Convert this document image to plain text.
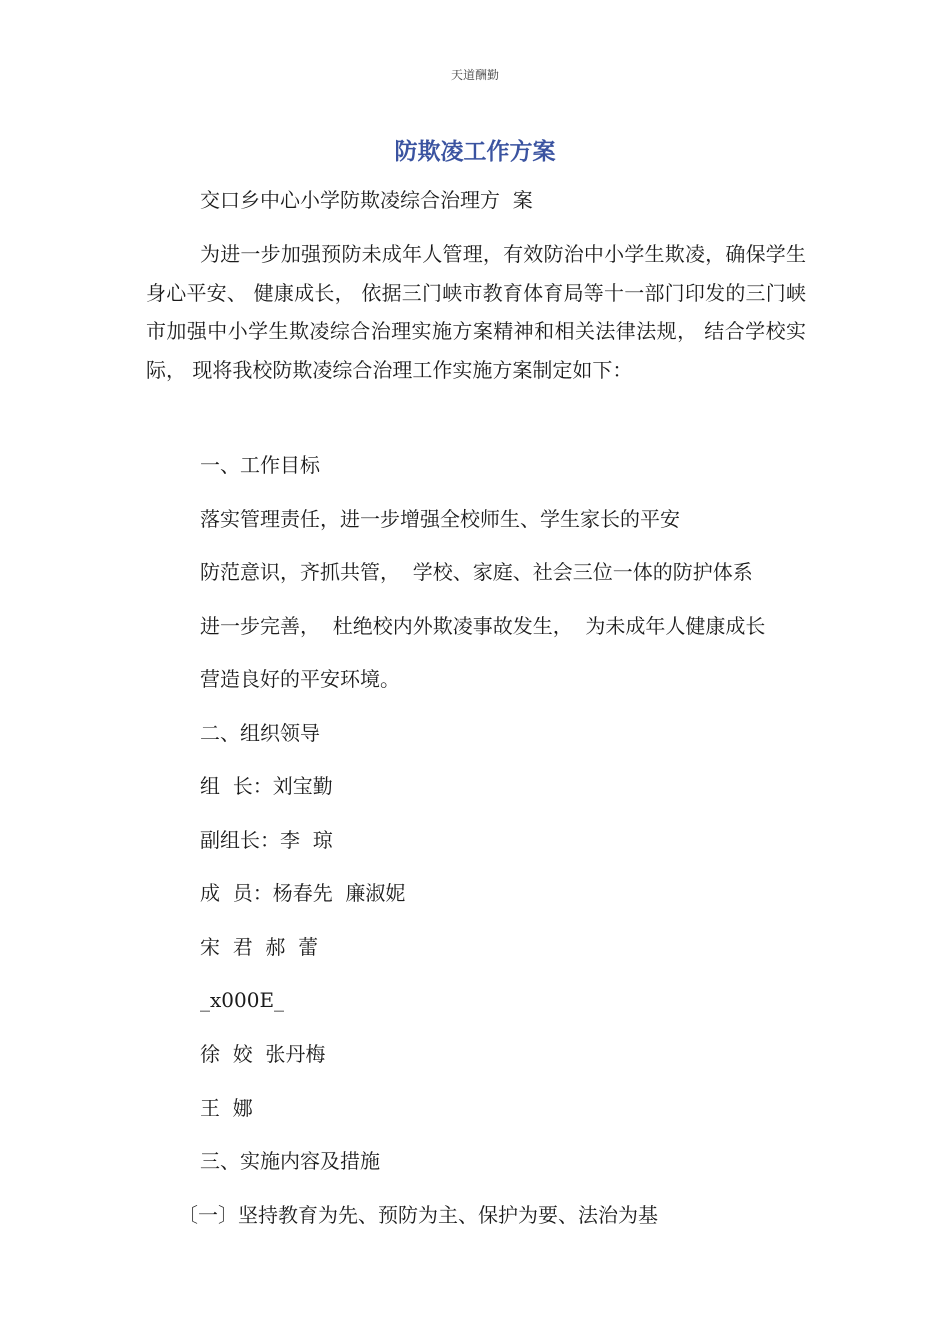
天道酬勤
防欺凌工作方案
交口乡中心小学防欺凌综合治理方  案
为进一步加强预防未成年人管理，有效防治中小学生欺凌，确保学生身心平安、 健康成长， 依据三门峡市教育体育局等十一部门印发的三门峡市加强中小学生欺凌综合治理实施方案精神和相关法律法规， 结合学校实际， 现将我校防欺凌综合治理工作实施方案制定如下：
一、工作目标
落实管理责任，进一步增强全校师生、学生家长的平安
防范意识，齐抓共管，  学校、家庭、社会三位一体的防护体系
进一步完善，  杜绝校内外欺凌事故发生，  为未成年人健康成长
营造良好的平安环境。
二、组织领导
组  长：刘宝勤
副组长：李  琼
成  员：杨春先  廉淑妮
宋  君  郝  蕾
_x000E_
徐  姣  张丹梅
王  娜
三、实施内容及措施
〔一〕坚持教育为先、预防为主、保护为要、法治为基
